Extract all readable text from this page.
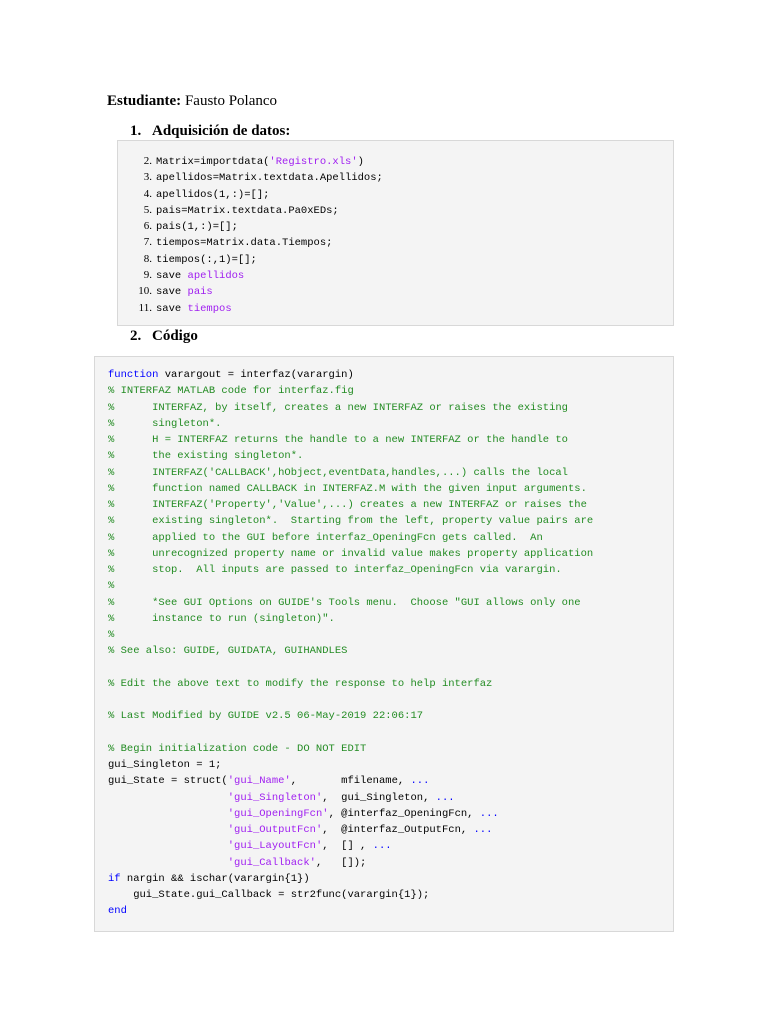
Estudiante: Fausto Polanco
1. Adquisición de datos:
2. Matrix=importdata('Registro.xls')
3. apellidos=Matrix.textdata.Apellidos;
4. apellidos(1,:)=[];
5. pais=Matrix.textdata.Pa0xEDs;
6. pais(1,:)=[];
7. tiempos=Matrix.data.Tiempos;
8. tiempos(:,1)=[];
9. save apellidos
10. save pais
11. save tiempos
2. Código
function varargout = interfaz(varargin)
% INTERFAZ MATLAB code for interfaz.fig
%      INTERFAZ, by itself, creates a new INTERFAZ or raises the existing
%      singleton*.
%      H = INTERFAZ returns the handle to a new INTERFAZ or the handle to
%      the existing singleton*.
%      INTERFAZ('CALLBACK',hObject,eventData,handles,...) calls the local
%      function named CALLBACK in INTERFAZ.M with the given input arguments.
%      INTERFAZ('Property','Value',...) creates a new INTERFAZ or raises the
%      existing singleton*.  Starting from the left, property value pairs are
%      applied to the GUI before interfaz_OpeningFcn gets called.  An
%      unrecognized property name or invalid value makes property application
%      stop.  All inputs are passed to interfaz_OpeningFcn via varargin.
%
%      *See GUI Options on GUIDE's Tools menu.  Choose "GUI allows only one
%      instance to run (singleton)".
%
% See also: GUIDE, GUIDATA, GUIHANDLES
% Edit the above text to modify the response to help interfaz
% Last Modified by GUIDE v2.5 06-May-2019 22:06:17
% Begin initialization code - DO NOT EDIT
gui_Singleton = 1;
gui_State = struct('gui_Name',       mfilename, ...
'gui_Singleton',  gui_Singleton, ...
'gui_OpeningFcn', @interfaz_OpeningFcn, ...
'gui_OutputFcn',  @interfaz_OutputFcn, ...
'gui_LayoutFcn',  [] , ...
'gui_Callback',   []);
if nargin && ischar(varargin{1})
gui_State.gui_Callback = str2func(varargin{1});
end
